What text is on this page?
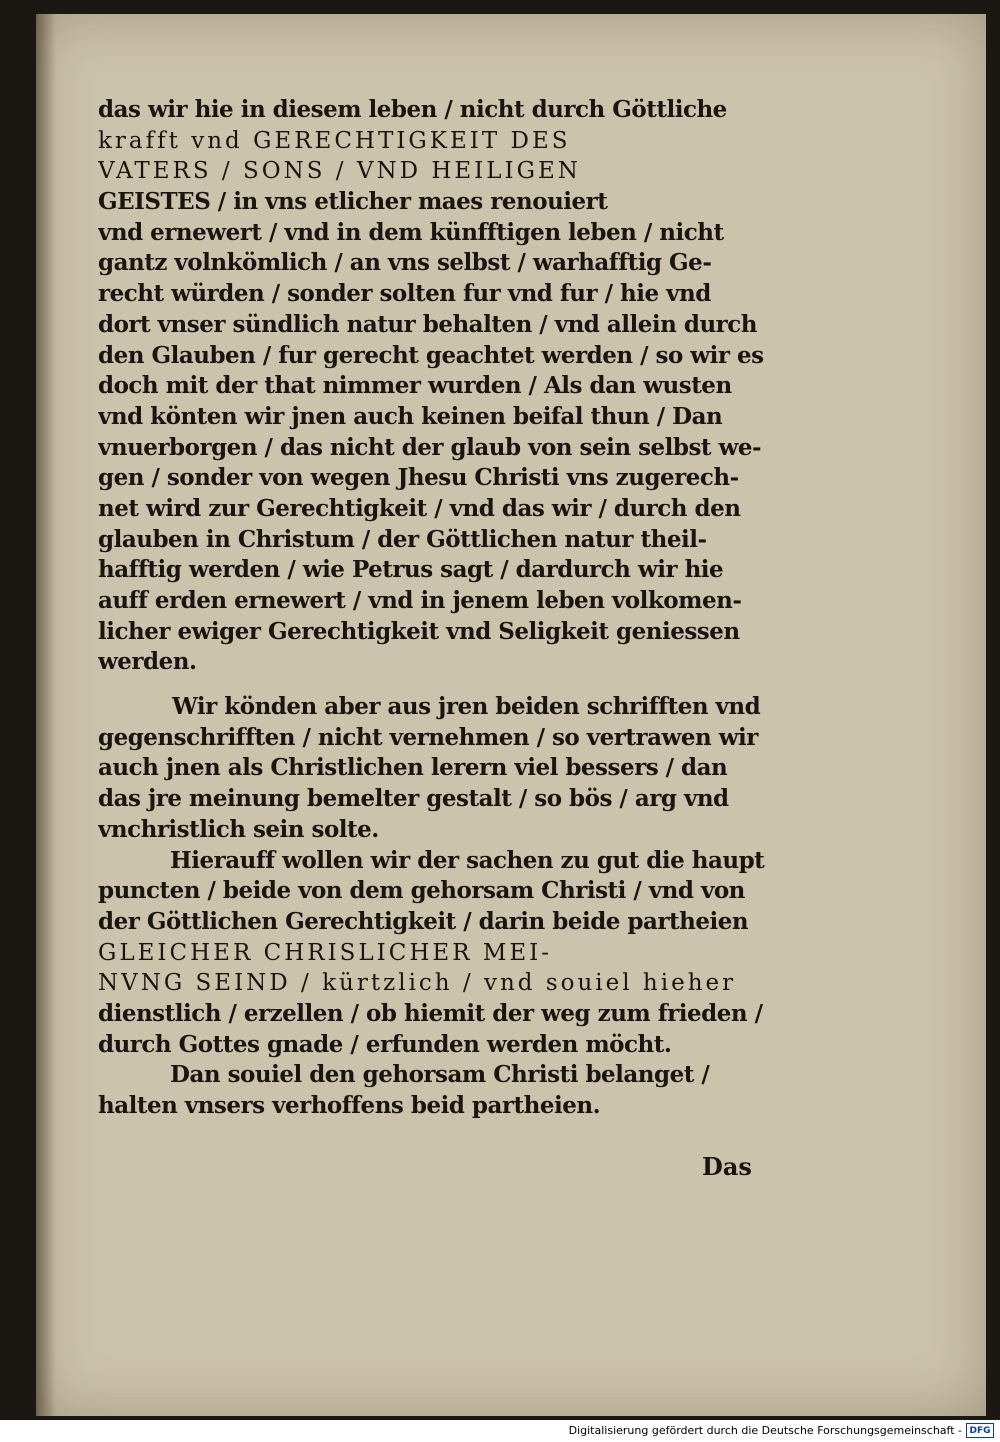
das wir hie in diesem leben / nicht durch Göttliche
krafft vnd GERECHTIGKEIT DES
VATERS / SONS / VND HEILIGEN
GEISTES / in vns etlicher maes renouiert
vnd ernewert / vnd in dem künfftigen leben / nicht
gantz volnkömlich / an vns selbst / warhafftig Ge-
recht würden / sonder solten fur vnd fur / hie vnd
dort vnser sündlich natur behalten / vnd allein durch
den Glauben / fur gerecht geachtet werden / so wir es
doch mit der that nimmer wurden / Als dan wusten
vnd könten wir jnen auch keinen beifal thun / Dan
vnuerborgen / das nicht der glaub von sein selbst we-
gen / sonder von wegen Jhesu Christi vns zugerech-
net wird zur Gerechtigkeit / vnd das wir / durch den
glauben in Christum / der Göttlichen natur theil-
hafftig werden / wie Petrus sagt / dardurch wir hie
auff erden ernewert / vnd in jenem leben volkomen-
licher ewiger Gerechtigkeit vnd Seligkeit geniessen
werden.
Wir könden aber aus jren beiden schrifften vnd
gegenschrifften / nicht vernehmen / so vertrawen wir
auch jnen als Christlichen lerern viel bessers / dan
das jre meinung bemelter gestalt / so bös / arg vnd
vnchristlich sein solte.
Hierauff wollen wir der sachen zu gut die haupt
puncten / beide von dem gehorsam Christi / vnd von
der Göttlichen Gerechtigkeit / darin beide partheien
GLEICHER CHRISLICHER MEI-
NVNG SEIND / kürtzlich / vnd souiel hieher
dienstlich / erzellen / ob hiemit der weg zum frieden /
durch Gottes gnade / erfunden werden möcht.
Dan souiel den gehorsam Christi belanget /
halten vnsers verhoffens beid partheien.
Das
Digitalisierung gefördert durch die Deutsche Forschungsgemeinschaft - DFG
